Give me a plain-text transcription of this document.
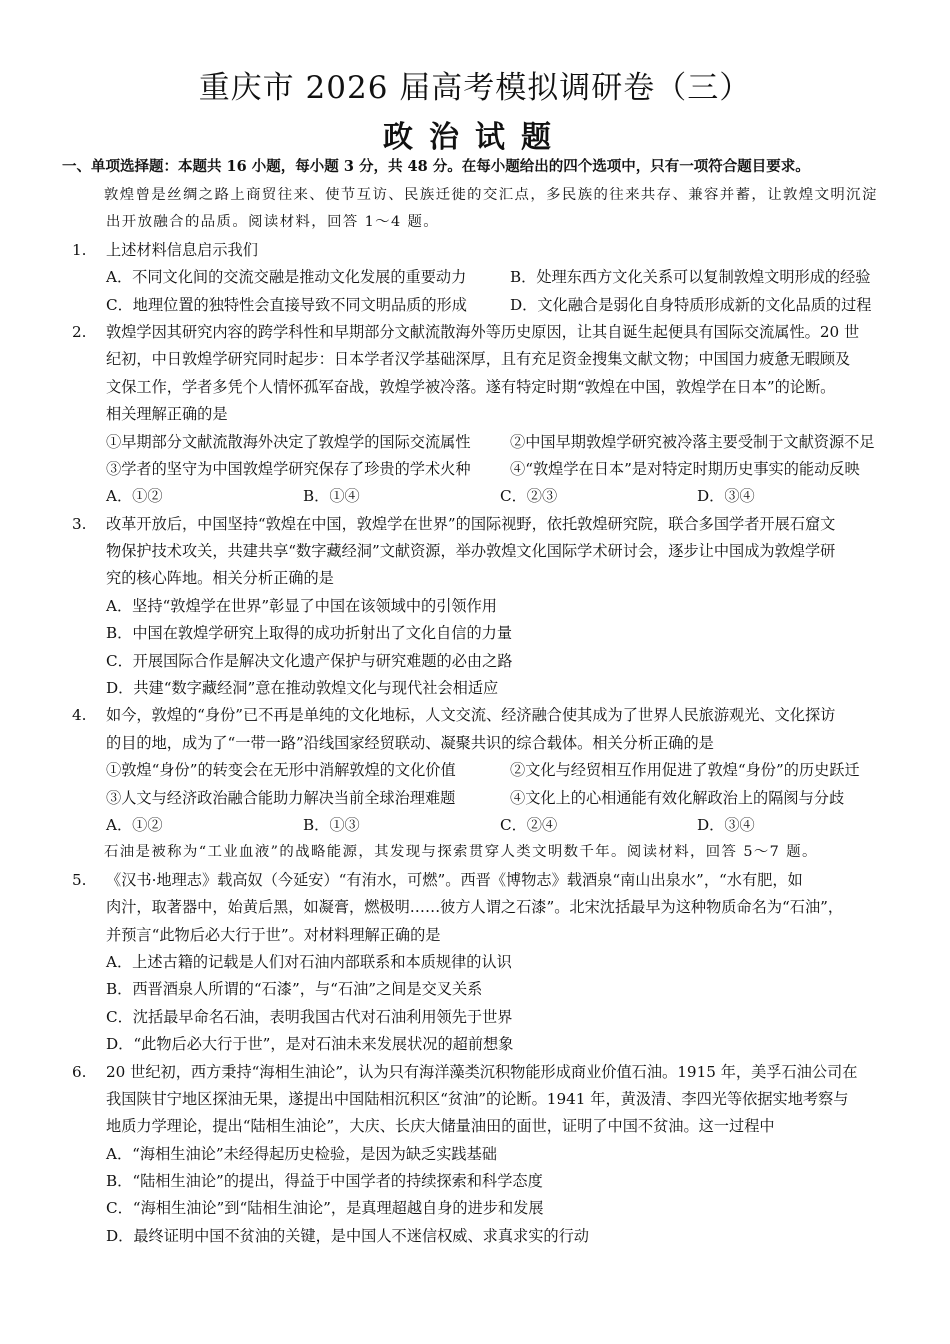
重庆市 2026 届高考模拟调研卷（三）
政治试题
一、单项选择题：本题共 16 小题，每小题 3 分，共 48 分。在每小题给出的四个选项中，只有一项符合题目要求。
敦煌曾是丝绸之路上商贸往来、使节互访、民族迁徙的交汇点，多民族的往来共存、兼容并蓄，让敦煌文明沉淀
出开放融合的品质。阅读材料，回答 1～4 题。
1. 上述材料信息启示我们
A．不同文化间的交流交融是推动文化发展的重要动力	B．处理东西方文化关系可以复制敦煌文明形成的经验
C．地理位置的独特性会直接导致不同文明品质的形成	D．文化融合是弱化自身特质形成新的文化品质的过程
2. 敦煌学因其研究内容的跨学科性和早期部分文献流散海外等历史原因，让其自诞生起便具有国际交流属性。20 世
纪初，中日敦煌学研究同时起步：日本学者汉学基础深厚，且有充足资金搜集文献文物；中国国力疲惫无暇顾及
文保工作，学者多凭个人情怀孤军奋战，敦煌学被冷落。遂有特定时期“敦煌在中国，敦煌学在日本”的论断。
相关理解正确的是
①早期部分文献流散海外决定了敦煌学的国际交流属性	②中国早期敦煌学研究被冷落主要受制于文献资源不足
③学者的坚守为中国敦煌学研究保存了珍贵的学术火种	④“敦煌学在日本”是对特定时期历史事实的能动反映
A．①②	B．①④	C．②③	D．③④
3. 改革开放后，中国坚持“敦煌在中国，敦煌学在世界”的国际视野，依托敦煌研究院，联合多国学者开展石窟文
物保护技术攻关，共建共享“数字藏经洞”文献资源，举办敦煌文化国际学术研讨会，逐步让中国成为敦煌学研
究的核心阵地。相关分析正确的是
A．坚持“敦煌学在世界”彰显了中国在该领域中的引领作用
B．中国在敦煌学研究上取得的成功折射出了文化自信的力量
C．开展国际合作是解决文化遗产保护与研究难题的必由之路
D．共建“数字藏经洞”意在推动敦煌文化与现代社会相适应
4. 如今，敦煌的“身份”已不再是单纯的文化地标，人文交流、经济融合使其成为了世界人民旅游观光、文化探访
的目的地，成为了“一带一路”沿线国家经贸联动、凝聚共识的综合载体。相关分析正确的是
①敦煌“身份”的转变会在无形中消解敦煌的文化价值	②文化与经贸相互作用促进了敦煌“身份”的历史跃迁
③人文与经济政治融合能助力解决当前全球治理难题	④文化上的心相通能有效化解政治上的隔阂与分歧
A．①②	B．①③	C．②④	D．③④
石油是被称为“工业血液”的战略能源，其发现与探索贯穿人类文明数千年。阅读材料，回答 5～7 题。
5. 《汉书·地理志》载高奴（今延安）“有洧水，可燃”。西晋《博物志》载酒泉“南山出泉水”，“水有肥，如
肉汁，取著器中，始黄后黑，如凝膏，燃极明……彼方人谓之石漆”。北宋沈括最早为这种物质命名为“石油”，
并预言“此物后必大行于世”。对材料理解正确的是
A．上述古籍的记载是人们对石油内部联系和本质规律的认识
B．西晋酒泉人所谓的“石漆”，与“石油”之间是交叉关系
C．沈括最早命名石油，表明我国古代对石油利用领先于世界
D．“此物后必大行于世”，是对石油未来发展状况的超前想象
6. 20 世纪初，西方秉持“海相生油论”，认为只有海洋藻类沉积物能形成商业价值石油。1915 年，美孚石油公司在
我国陕甘宁地区探油无果，遂提出中国陆相沉积区“贫油”的论断。1941 年，黄汲清、李四光等依据实地考察与
地质力学理论，提出“陆相生油论”，大庆、长庆大储量油田的面世，证明了中国不贫油。这一过程中
A．“海相生油论”未经得起历史检验，是因为缺乏实践基础
B．“陆相生油论”的提出，得益于中国学者的持续探索和科学态度
C．“海相生油论”到“陆相生油论”，是真理超越自身的进步和发展
D．最终证明中国不贫油的关键，是中国人不迷信权威、求真求实的行动
